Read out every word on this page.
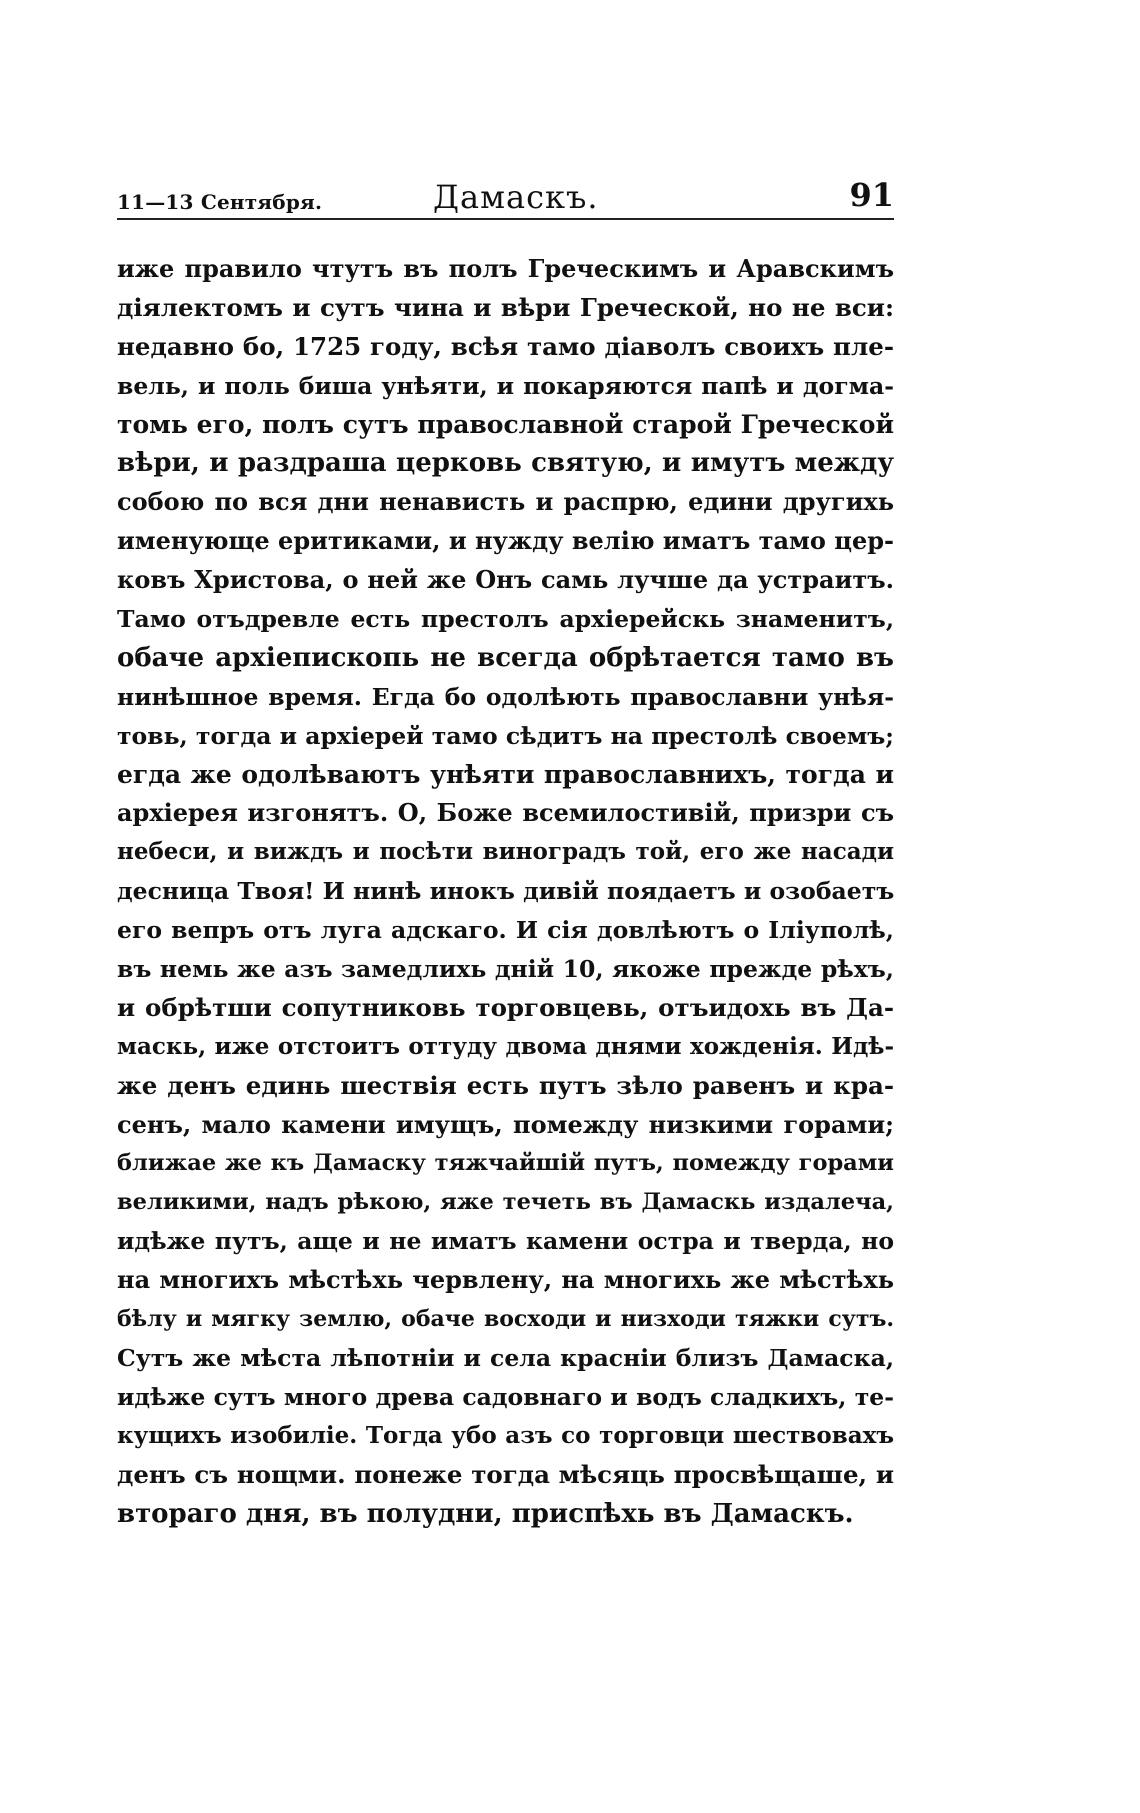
11—13 Сентября.	Дамаскъ.	91
иже правило чтутъ въ полъ Греческимъ и Аравскимъ
діялектомъ и сутъ чина и вѣри Греческой, но не вси:
недавно бо, 1725 году, всѣя тамо діаволъ своихъ пле-
вель, и поль биша унѣяти, и покаряются папѣ и догма-
томь его, полъ сутъ православной старой Греческой
вѣри, и раздраша церковь святую, и имутъ между
собою по вся дни ненависть и распрю, едини другихь
именующе еритиками, и нужду велію иматъ тамо цер-
ковъ Христова, о ней же Онъ самь лучше да устраитъ.
Тамо отъдревле есть престолъ архіерейскь знаменитъ,
обаче архіепископь не всегда обрѣтается тамо въ
нинѣшное время. Егда бо одолѣють православни унѣя-
товь, тогда и архіерей тамо сѣдитъ на престолѣ своемъ;
егда же одолѣваютъ унѣяти православнихъ, тогда и
архіерея изгонятъ. О, Боже всемилостивій, призри съ
небеси, и виждъ и посѣти виноградъ той, его же насади
десница Твоя! И нинѣ инокъ дивій поядаетъ и озобаетъ
его вепръ отъ луга адскаго. И сія довлѣютъ о Іліуполѣ,
въ немь же азъ замедлихь дній 10, якоже прежде рѣхъ,
и обрѣтши сопутниковь торговцевь, отъидохь въ Да-
маскь, иже отстоитъ оттуду двома днями хожденія. Идѣ-
же денъ единь шествія есть путъ зѣло равенъ и кра-
сенъ, мало камени имущъ, помежду низкими горами;
ближае же къ Дамаску тяжчайшій путъ, помежду горами
великими, надъ рѣкою, яже течеть въ Дамаскь издалеча,
идѣже путъ, аще и не иматъ камени остра и тверда, но
на многихъ мѣстѣхь червлену, на многихь же мѣстѣхь
бѣлу и мягку землю, обаче восходи и низходи тяжки сутъ.
Сутъ же мѣста лѣпотніи и села красніи близъ Дамаска,
идѣже сутъ много древа садовнаго и водъ сладкихъ, те-
кущихъ изобиліе. Тогда убо азъ со торговци шествовахъ
денъ съ нощми. понеже тогда мѣсяць просвѣщаше, и
втораго дня, въ полудни, приспѣхь въ Дамаскъ.
